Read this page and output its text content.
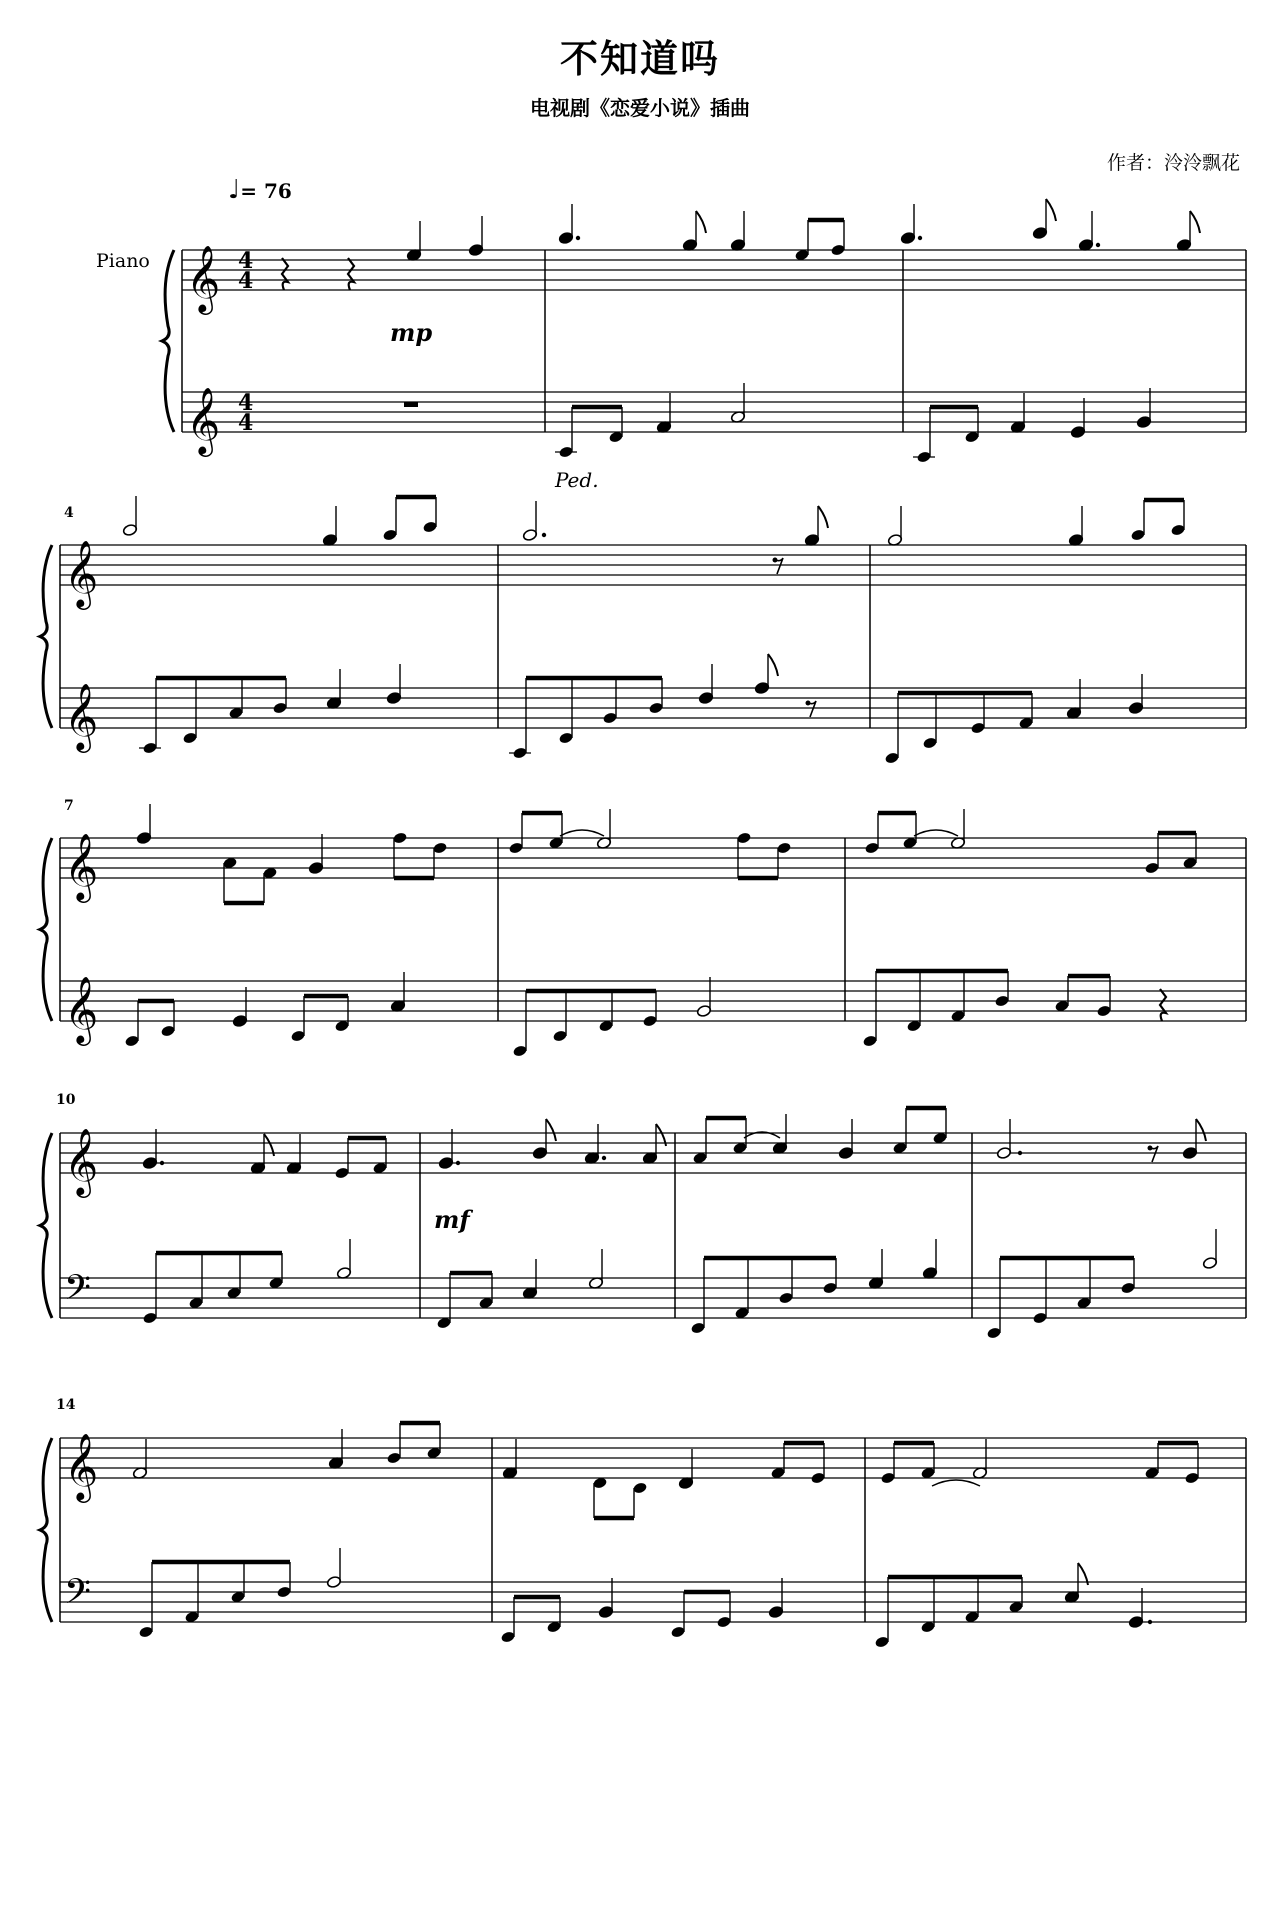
不知道吗
电视剧《恋爱小说》插曲
作者：泠泠飘花
♩= 76
Piano
mp
mf
Ped.
4
7
10
14
𝄞
𝄞
4
4
4
4
𝄞
𝄞
𝄞
𝄞
𝄞
𝄢
𝄞
𝄢
